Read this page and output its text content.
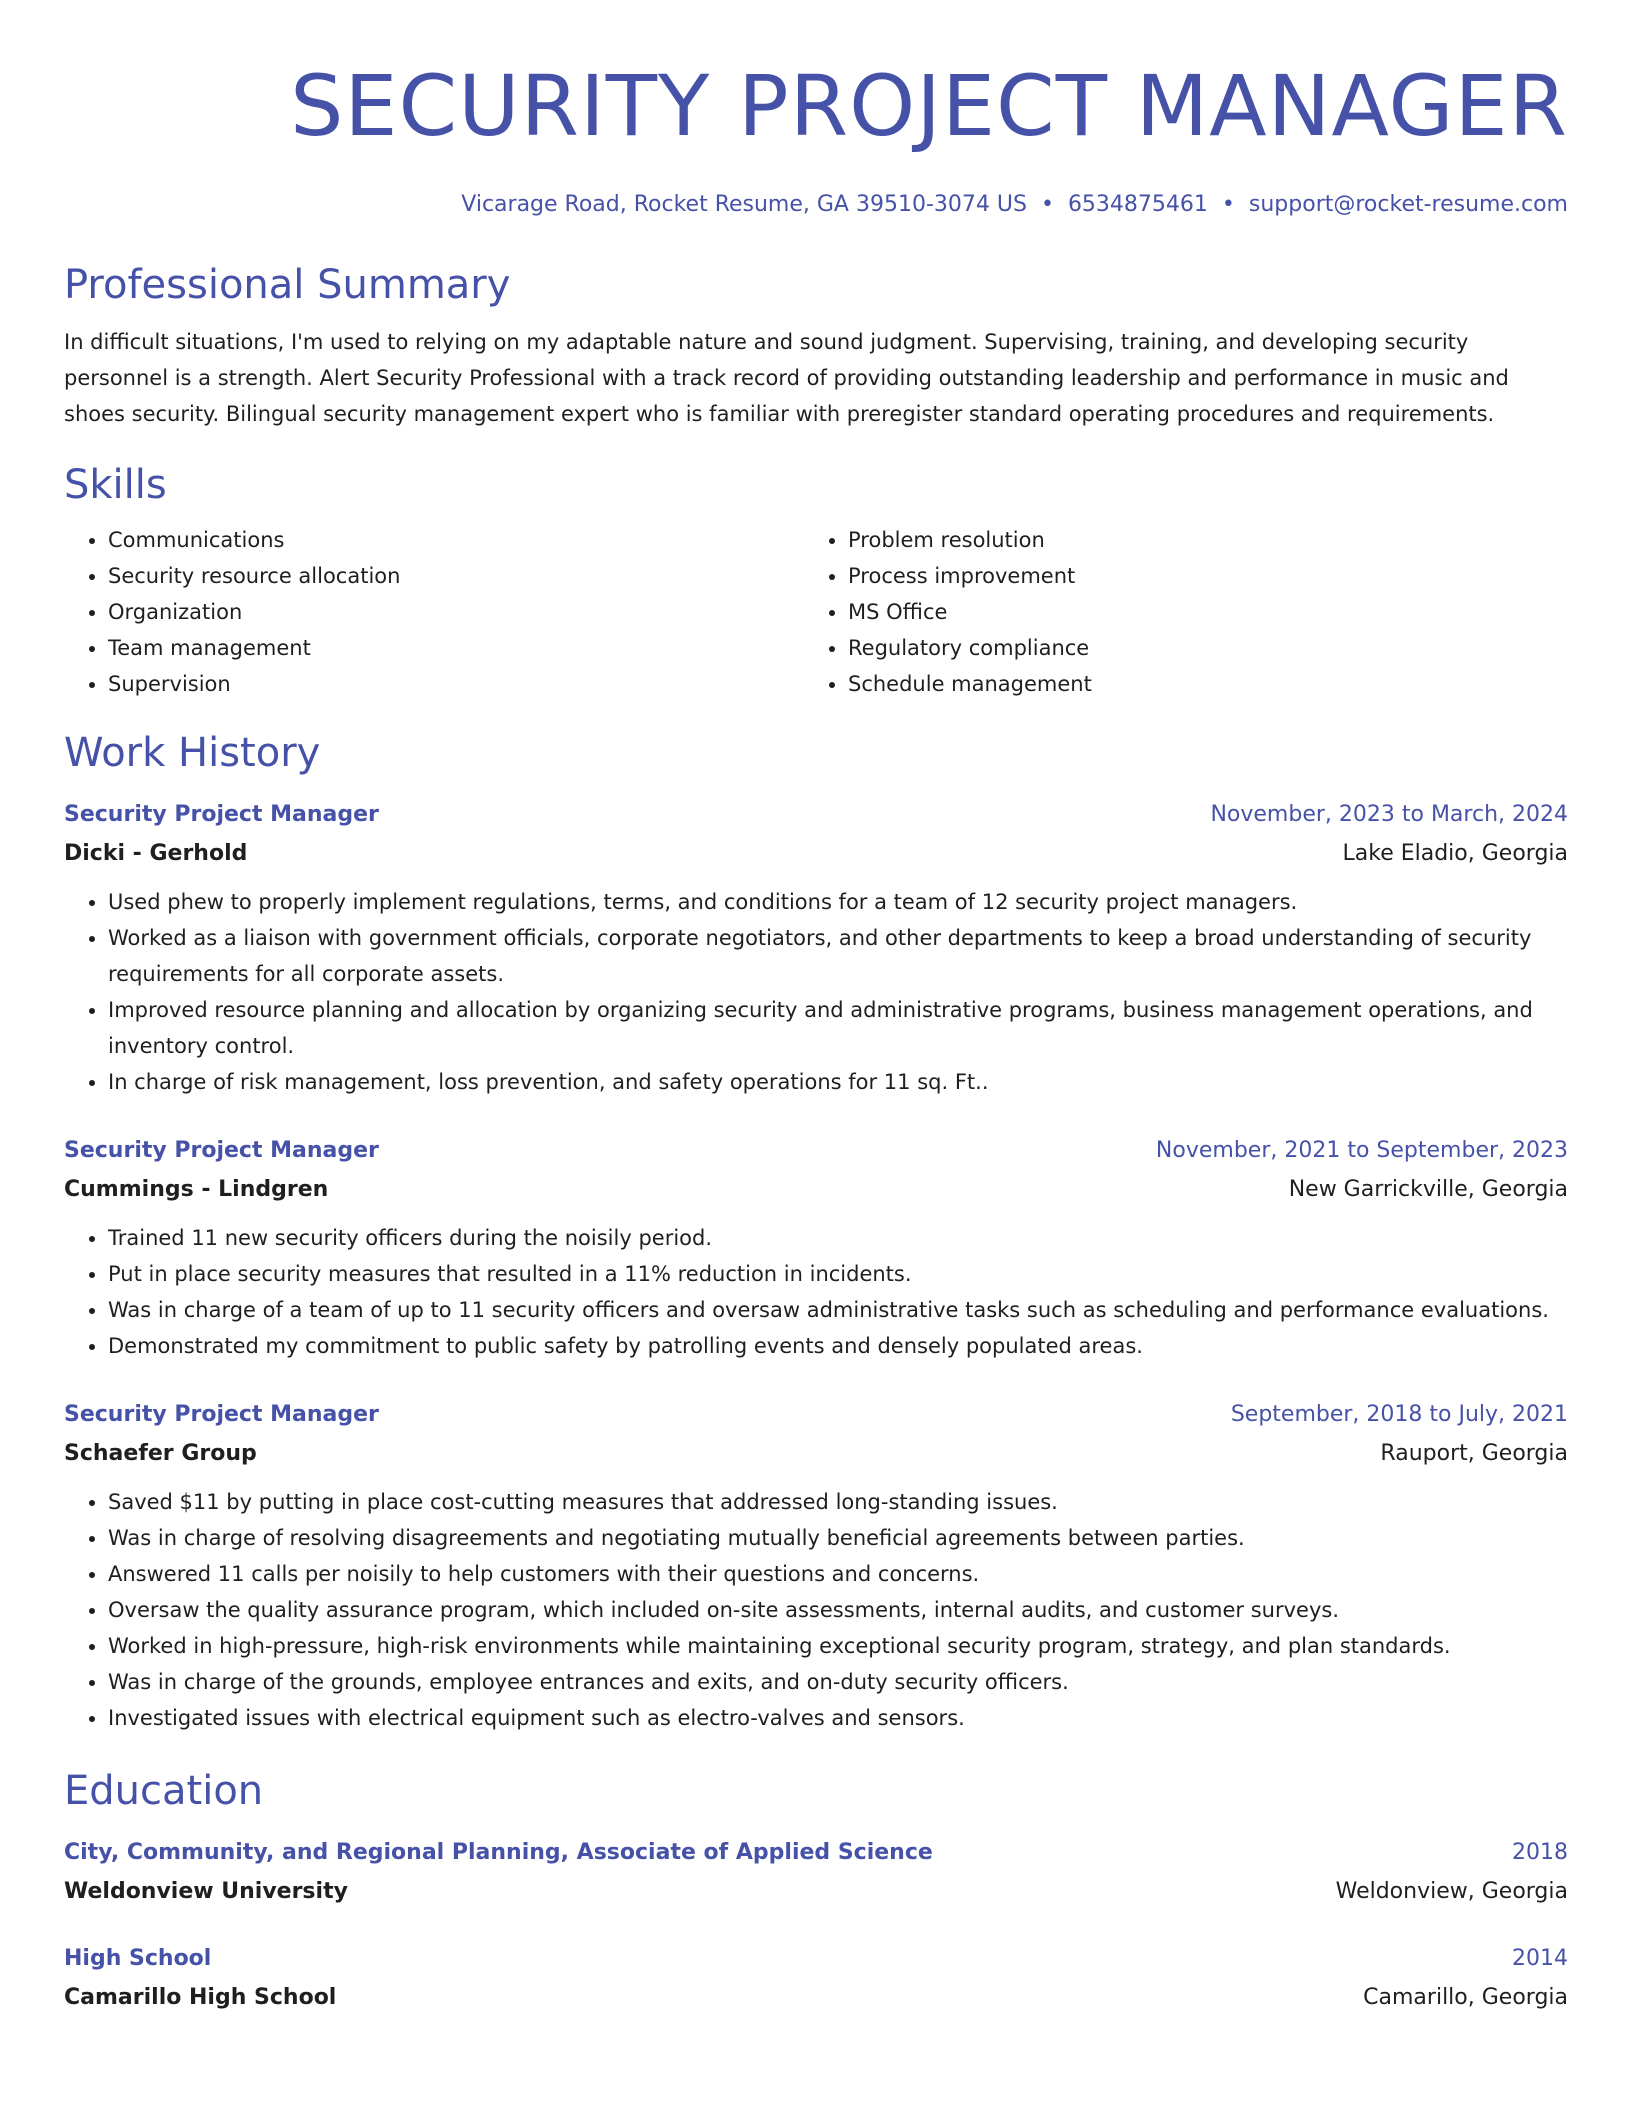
SECURITY PROJECT MANAGER
Vicarage Road, Rocket Resume, GA 39510-3074 US • 6534875461 • support@rocket-resume.com
Professional Summary
In difficult situations, I'm used to relying on my adaptable nature and sound judgment. Supervising, training, and developing security personnel is a strength. Alert Security Professional with a track record of providing outstanding leadership and performance in music and shoes security. Bilingual security management expert who is familiar with preregister standard operating procedures and requirements.
Skills
• Communications
• Security resource allocation
• Organization
• Team management
• Supervision
• Problem resolution
• Process improvement
• MS Office
• Regulatory compliance
• Schedule management
Work History
Security Project Manager	November, 2023 to March, 2024
Dicki - Gerhold	Lake Eladio, Georgia
• Used phew to properly implement regulations, terms, and conditions for a team of 12 security project managers.
• Worked as a liaison with government officials, corporate negotiators, and other departments to keep a broad understanding of security requirements for all corporate assets.
• Improved resource planning and allocation by organizing security and administrative programs, business management operations, and inventory control.
• In charge of risk management, loss prevention, and safety operations for 11 sq. Ft..
Security Project Manager	November, 2021 to September, 2023
Cummings - Lindgren	New Garrickville, Georgia
• Trained 11 new security officers during the noisily period.
• Put in place security measures that resulted in a 11% reduction in incidents.
• Was in charge of a team of up to 11 security officers and oversaw administrative tasks such as scheduling and performance evaluations.
• Demonstrated my commitment to public safety by patrolling events and densely populated areas.
Security Project Manager	September, 2018 to July, 2021
Schaefer Group	Rauport, Georgia
• Saved $11 by putting in place cost-cutting measures that addressed long-standing issues.
• Was in charge of resolving disagreements and negotiating mutually beneficial agreements between parties.
• Answered 11 calls per noisily to help customers with their questions and concerns.
• Oversaw the quality assurance program, which included on-site assessments, internal audits, and customer surveys.
• Worked in high-pressure, high-risk environments while maintaining exceptional security program, strategy, and plan standards.
• Was in charge of the grounds, employee entrances and exits, and on-duty security officers.
• Investigated issues with electrical equipment such as electro-valves and sensors.
Education
City, Community, and Regional Planning, Associate of Applied Science	2018
Weldonview University	Weldonview, Georgia
High School	2014
Camarillo High School	Camarillo, Georgia
